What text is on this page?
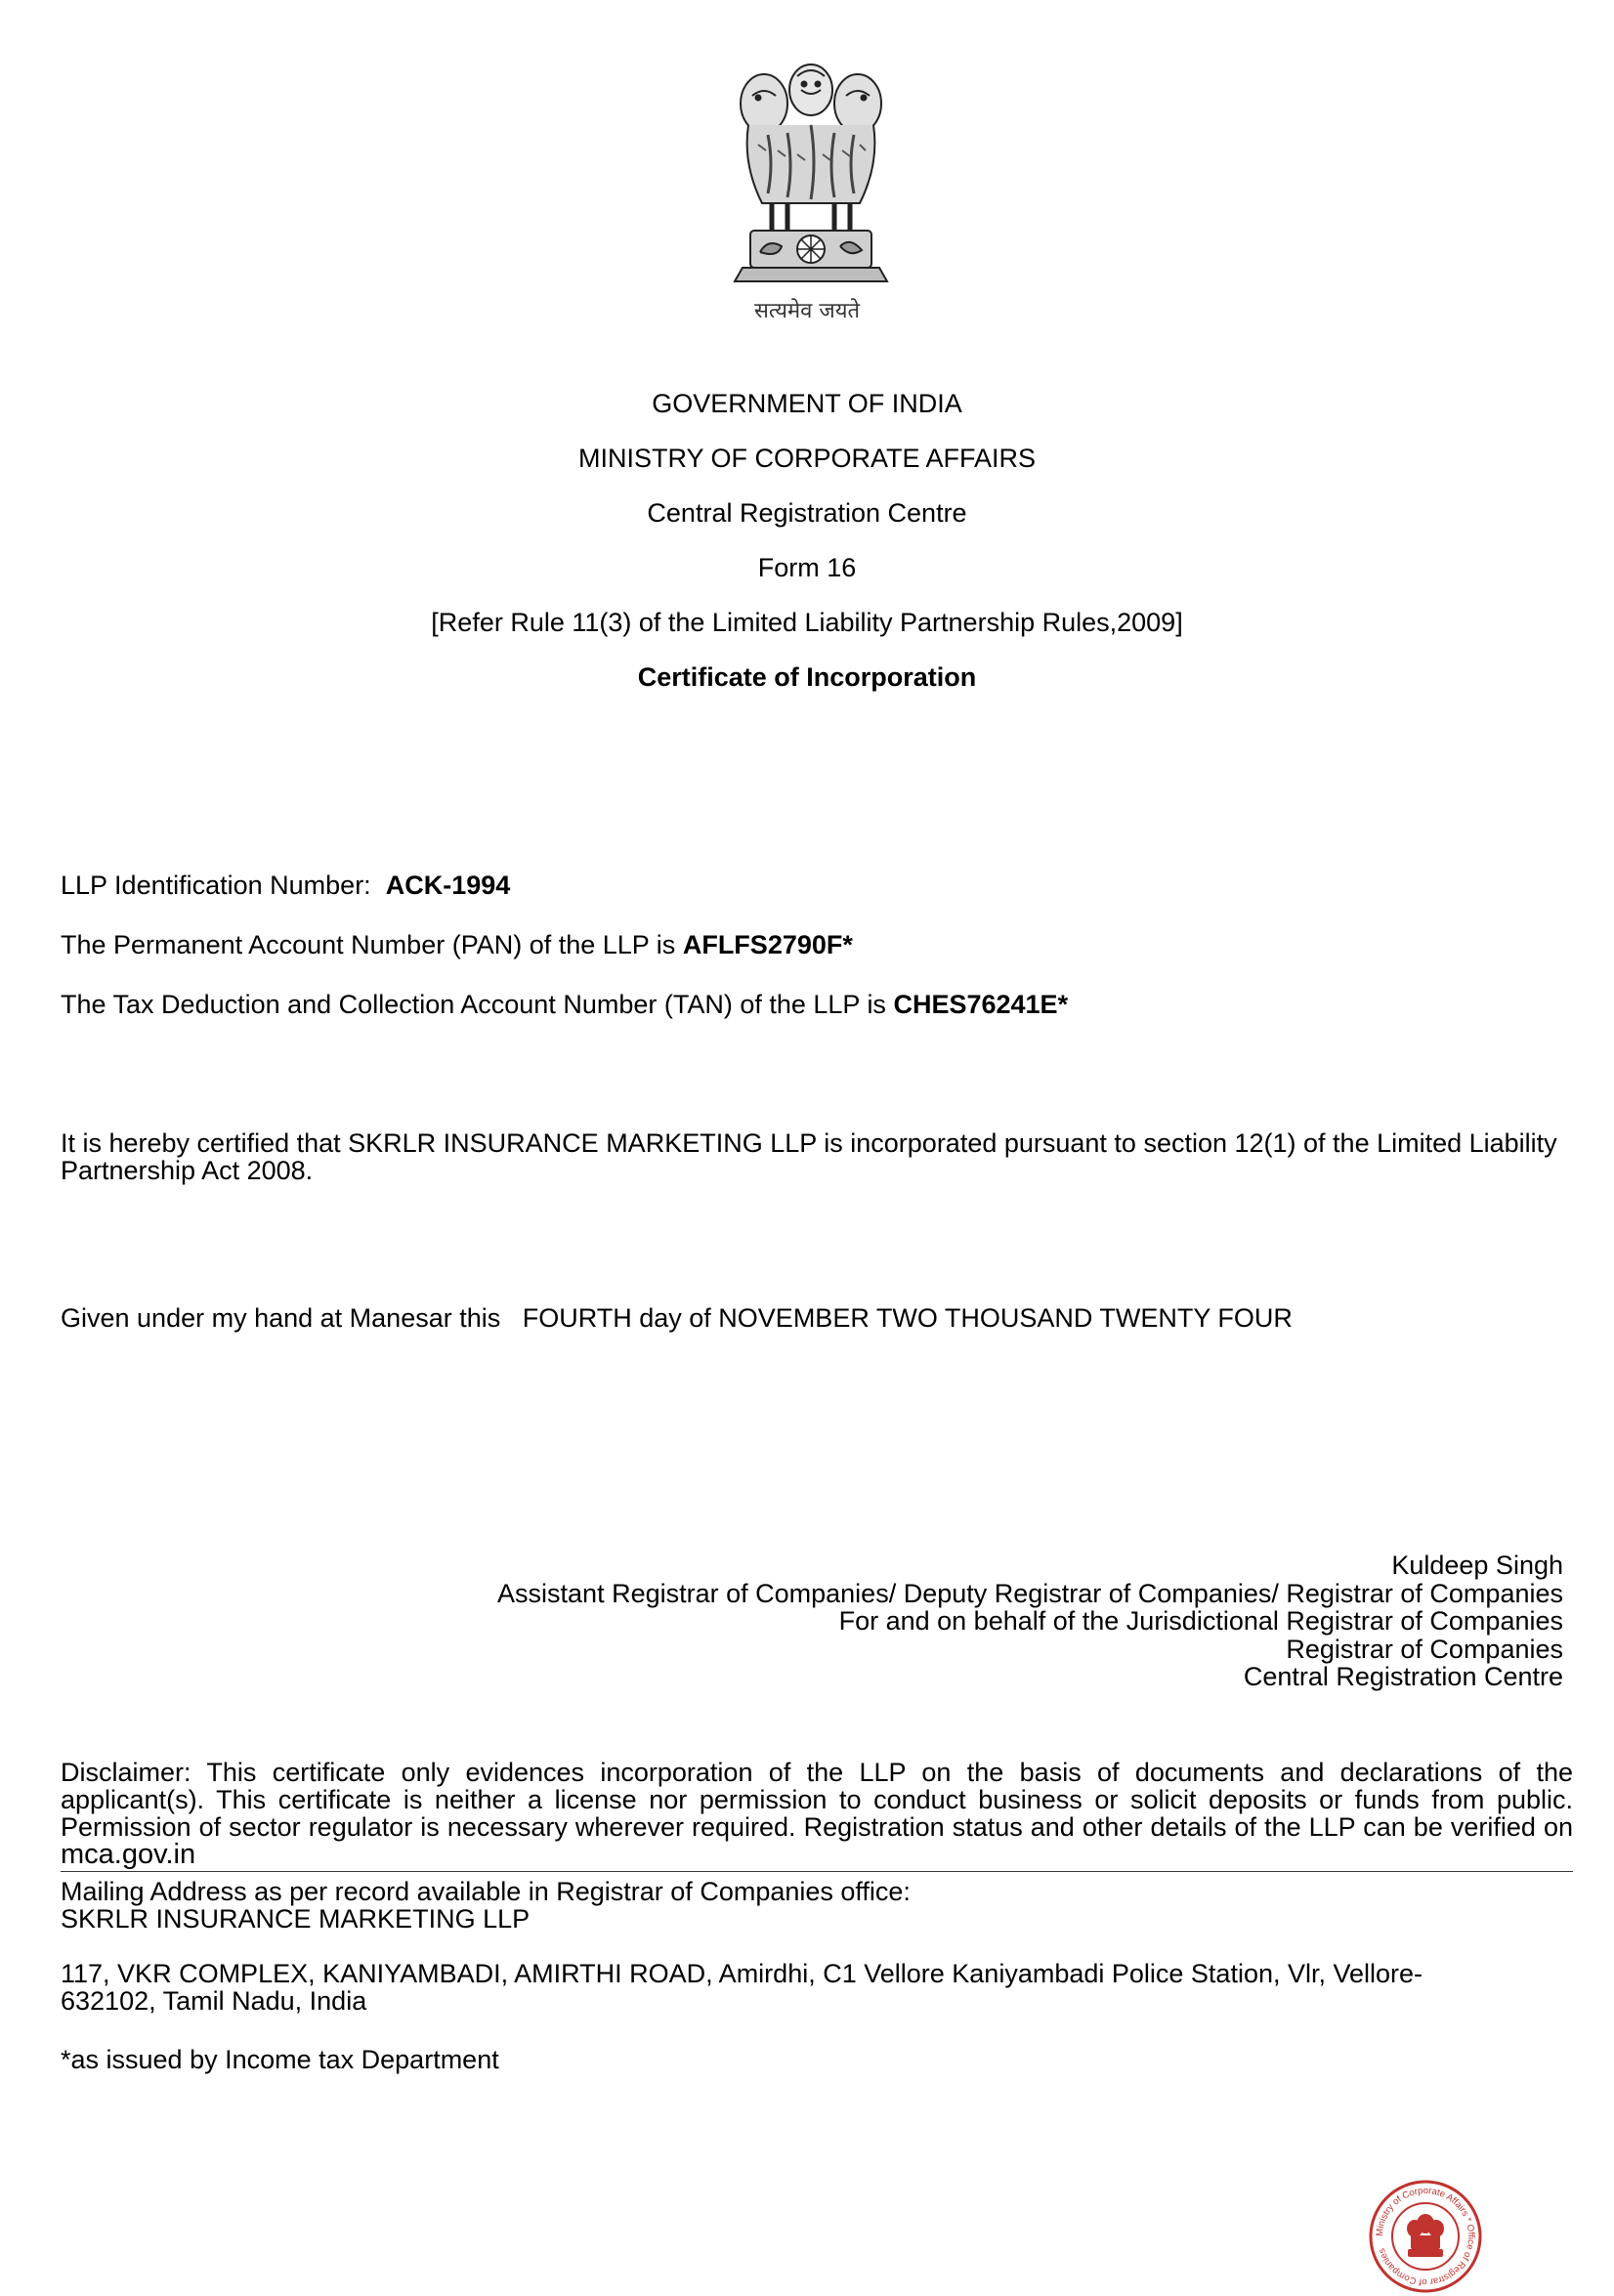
सत्यमेव जयते
GOVERNMENT OF INDIA
MINISTRY OF CORPORATE AFFAIRS
Central Registration Centre
Form 16
[Refer Rule 11(3) of the Limited Liability Partnership Rules,2009]
Certificate of Incorporation
LLP Identification Number: ACK-1994
The Permanent Account Number (PAN) of the LLP is AFLFS2790F*
The Tax Deduction and Collection Account Number (TAN) of the LLP is CHES76241E*
It is hereby certified that SKRLR INSURANCE MARKETING LLP is incorporated pursuant to section 12(1) of the Limited Liability Partnership Act 2008.
Given under my hand at Manesar this FOURTH day of NOVEMBER TWO THOUSAND TWENTY FOUR
Kuldeep Singh
Assistant Registrar of Companies/ Deputy Registrar of Companies/ Registrar of Companies
For and on behalf of the Jurisdictional Registrar of Companies
Registrar of Companies
Central Registration Centre
Disclaimer: This certificate only evidences incorporation of the LLP on the basis of documents and declarations of the applicant(s). This certificate is neither a license nor permission to conduct business or solicit deposits or funds from public. Permission of sector regulator is necessary wherever required. Registration status and other details of the LLP can be verified on mca.gov.in
Mailing Address as per record available in Registrar of Companies office:
SKRLR INSURANCE MARKETING LLP
117, VKR COMPLEX, KANIYAMBADI, AMIRTHI ROAD, Amirdhi, C1 Vellore Kaniyambadi Police Station, Vlr, Vellore-632102, Tamil Nadu, India
*as issued by Income tax Department
Ministry of Corporate Affairs * Office of Registrar of Companies
